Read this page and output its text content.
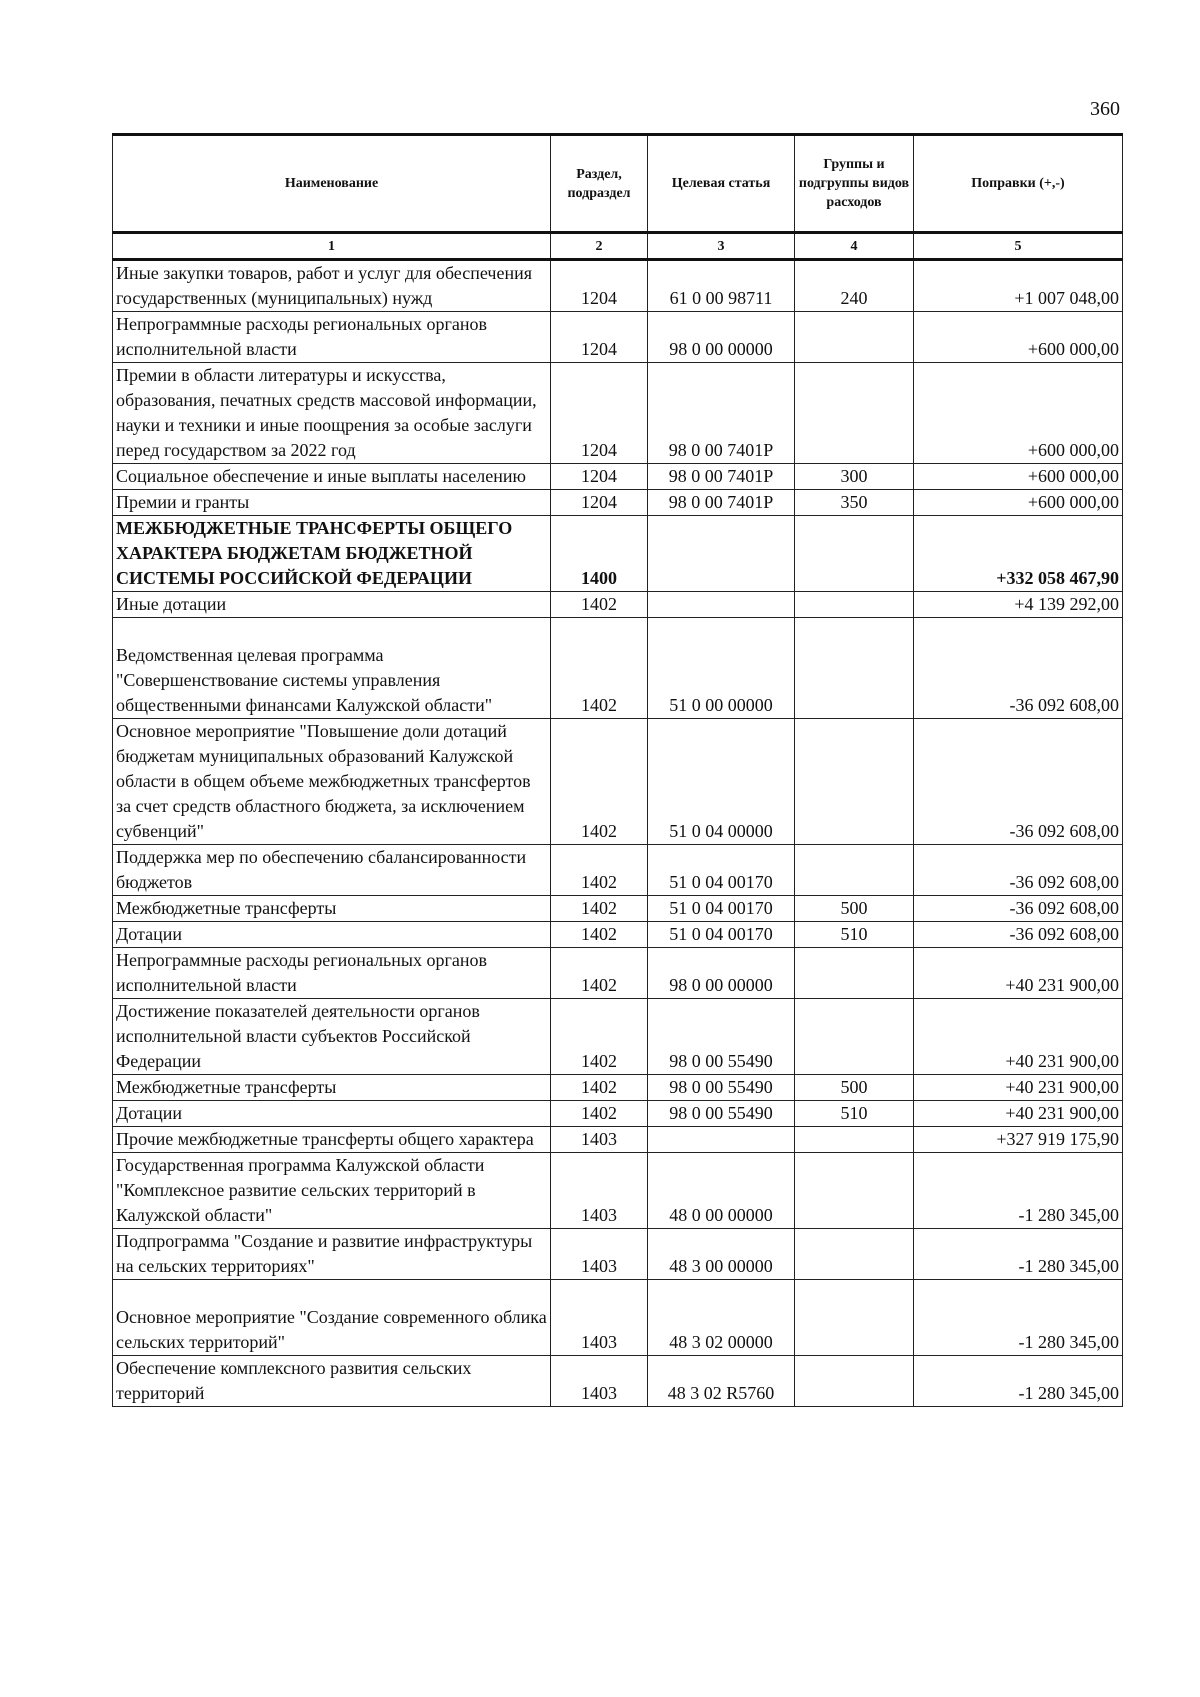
360
Наименование	Раздел, подраздел	Целевая статья	Группы и подгруппы видов расходов	Поправки (+,-)
1	2	3	4	5
Иные закупки товаров, работ и услуг для обеспечения государственных (муниципальных) нужд	1204	61 0 00 98711	240	+1 007 048,00
Непрограммные расходы региональных органов исполнительной власти	1204	98 0 00 00000		+600 000,00
Премии в области литературы и искусства, образования, печатных средств массовой информации, науки и техники и иные поощрения за особые заслуги перед государством за 2022 год	1204	98 0 00 7401Р		+600 000,00
Социальное обеспечение и иные выплаты населению	1204	98 0 00 7401Р	300	+600 000,00
Премии и гранты	1204	98 0 00 7401Р	350	+600 000,00
МЕЖБЮДЖЕТНЫЕ ТРАНСФЕРТЫ ОБЩЕГО ХАРАКТЕРА БЮДЖЕТАМ БЮДЖЕТНОЙ СИСТЕМЫ РОССИЙСКОЙ ФЕДЕРАЦИИ	1400			+332 058 467,90
Иные дотации	1402			+4 139 292,00
Ведомственная целевая программа "Совершенствование системы управления общественными финансами Калужской области"	1402	51 0 00 00000		-36 092 608,00
Основное мероприятие "Повышение доли дотаций бюджетам муниципальных образований Калужской области в общем объеме межбюджетных трансфертов за счет средств областного бюджета, за исключением субвенций"	1402	51 0 04 00000		-36 092 608,00
Поддержка мер по обеспечению сбалансированности бюджетов	1402	51 0 04 00170		-36 092 608,00
Межбюджетные трансферты	1402	51 0 04 00170	500	-36 092 608,00
Дотации	1402	51 0 04 00170	510	-36 092 608,00
Непрограммные расходы региональных органов исполнительной власти	1402	98 0 00 00000		+40 231 900,00
Достижение показателей деятельности органов исполнительной власти субъектов Российской Федерации	1402	98 0 00 55490		+40 231 900,00
Межбюджетные трансферты	1402	98 0 00 55490	500	+40 231 900,00
Дотации	1402	98 0 00 55490	510	+40 231 900,00
Прочие межбюджетные трансферты общего характера	1403			+327 919 175,90
Государственная программа Калужской области "Комплексное развитие сельских территорий в Калужской области"	1403	48 0 00 00000		-1 280 345,00
Подпрограмма "Создание и развитие инфраструктуры на сельских территориях"	1403	48 3 00 00000		-1 280 345,00
Основное мероприятие "Создание современного облика сельских территорий"	1403	48 3 02 00000		-1 280 345,00
Обеспечение комплексного развития сельских территорий	1403	48 3 02 R5760		-1 280 345,00
